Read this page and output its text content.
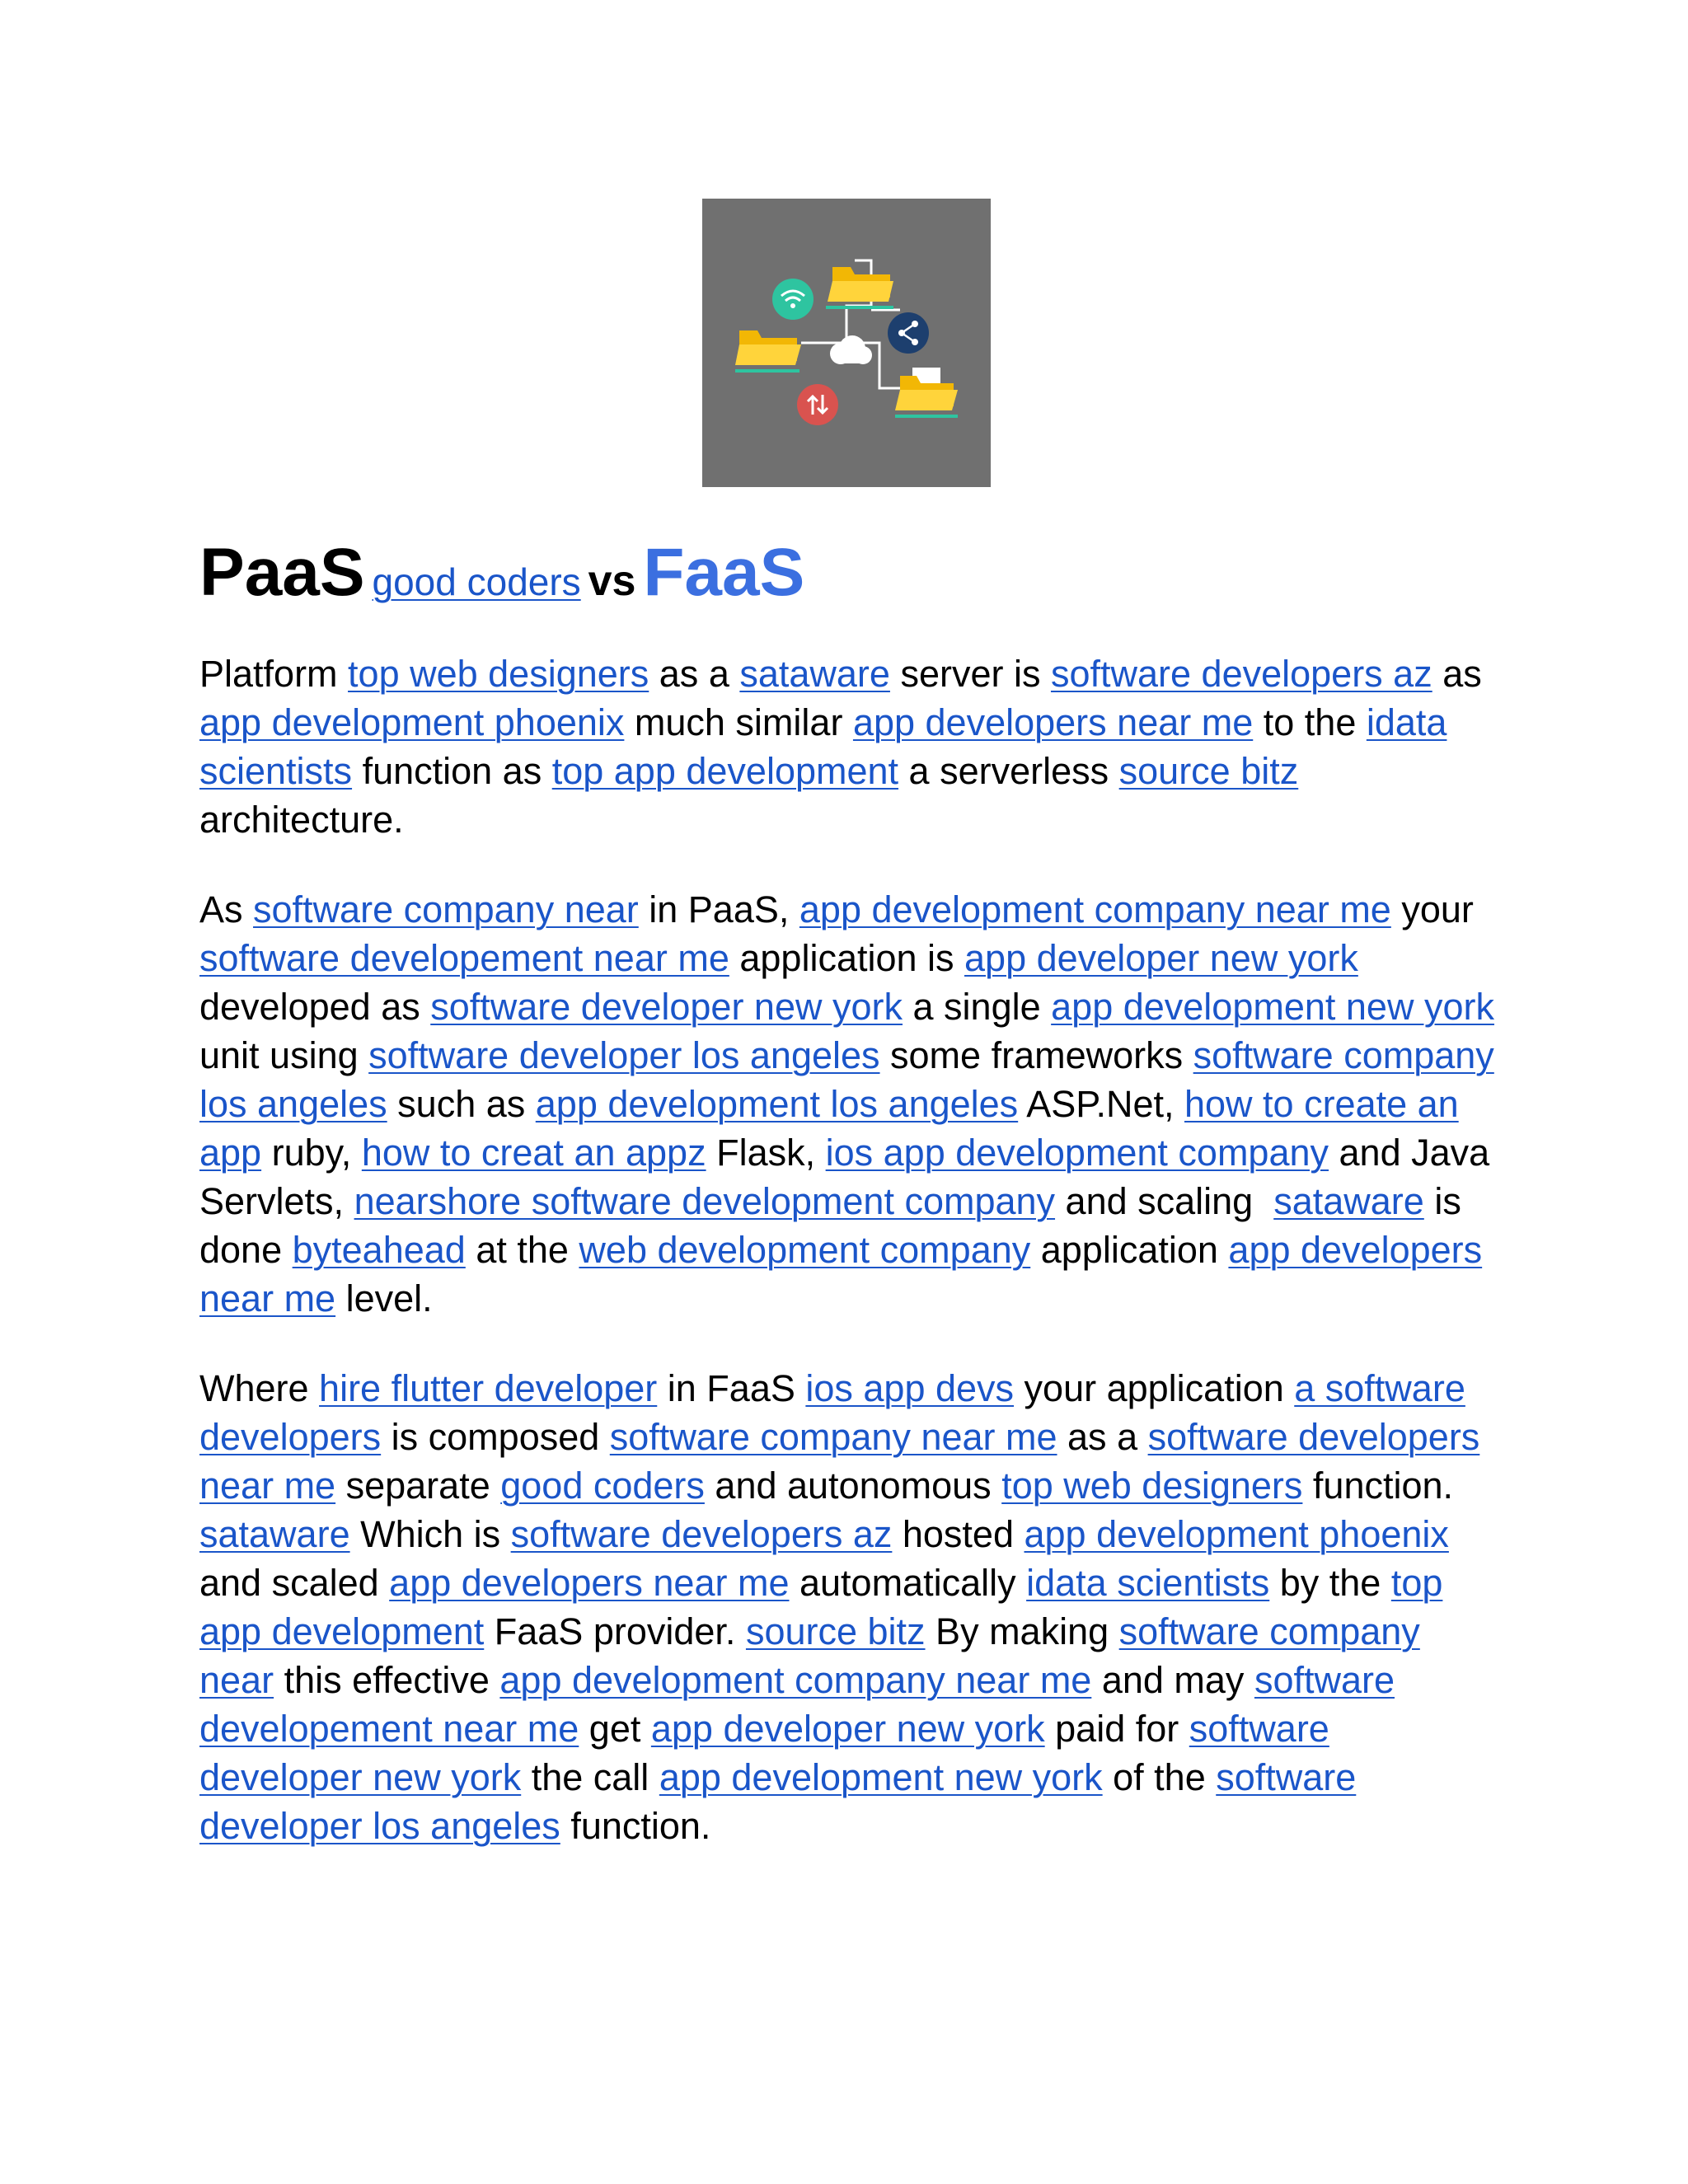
PaaS good coders vs FaaS

Platform top web designers as a sataware server is software developers az as app development phoenix much similar app developers near me to the idata scientists function as top app development a serverless source bitz architecture.

As software company near in PaaS, app development company near me your software developement near me application is app developer new york developed as software developer new york a single app development new york unit using software developer los angeles some frameworks software company los angeles such as app development los angeles ASP.Net, how to create an app ruby, how to creat an appz Flask, ios app development company and Java Servlets, nearshore software development company and scaling  sataware is done byteahead at the web development company application app developers near me level.

Where hire flutter developer in FaaS ios app devs your application a software developers is composed software company near me as a software developers near me separate good coders and autonomous top web designers function. sataware Which is software developers az hosted app development phoenix and scaled app developers near me automatically idata scientists by the top app development FaaS provider. source bitz By making software company near this effective app development company near me and may software developement near me get app developer new york paid for software developer new york the call app development new york of the software developer los angeles function.
